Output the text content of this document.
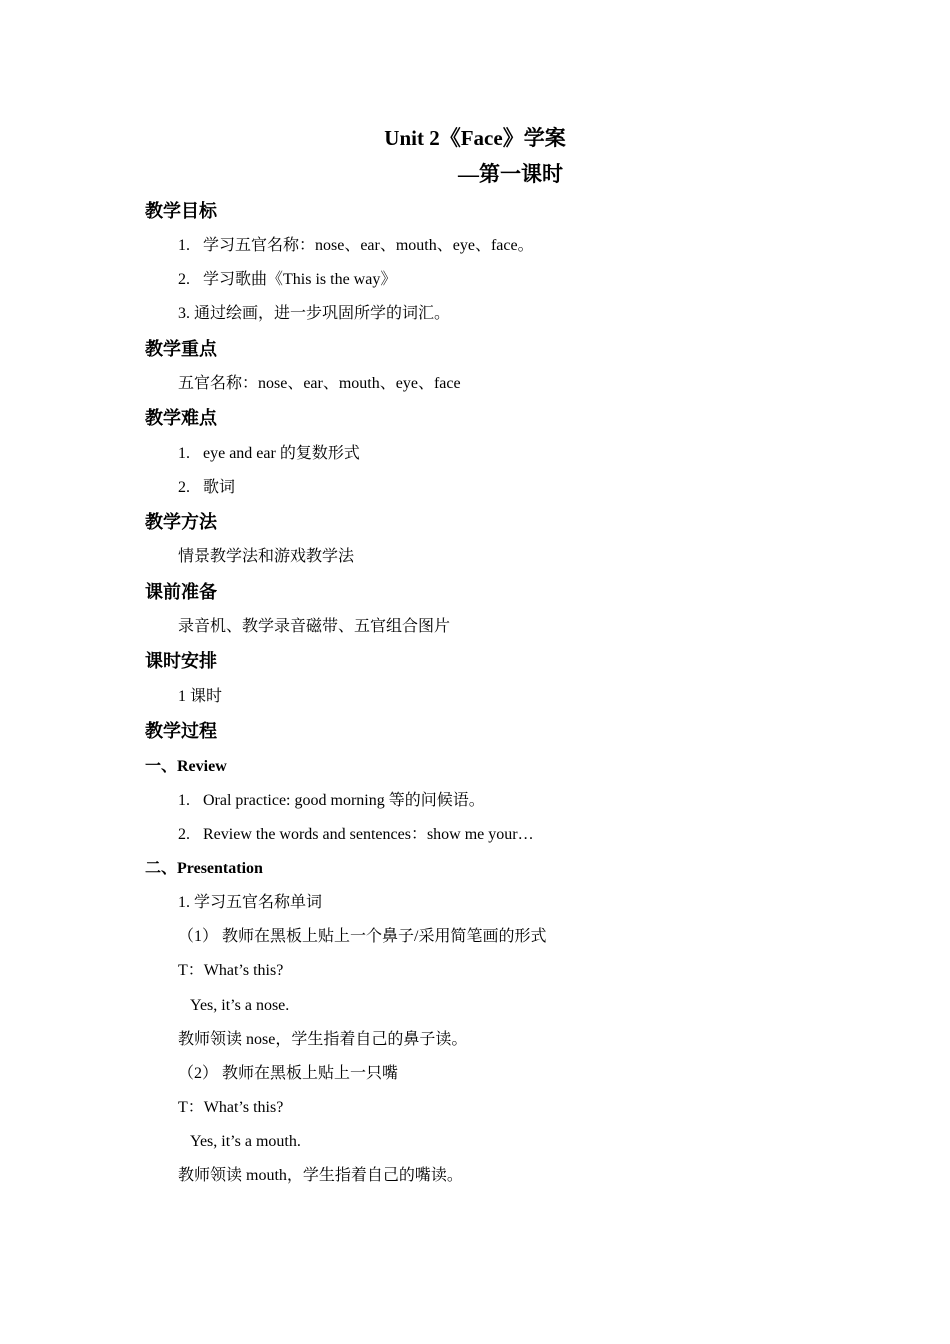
Unit 2《Face》学案
—第一课时
教学目标
1. 学习五官名称：nose、ear、mouth、eye、face。
2. 学习歌曲《This is the way》
3. 通过绘画，进一步巩固所学的词汇。
教学重点
五官名称：nose、ear、mouth、eye、face
教学难点
1. eye and ear 的复数形式
2. 歌词
教学方法
情景教学法和游戏教学法
课前准备
录音机、教学录音磁带、五官组合图片
课时安排
1 课时
教学过程
一、Review
1. Oral practice: good morning 等的问候语。
2. Review the words and sentences：show me your…
二、Presentation
1. 学习五官名称单词
（1） 教师在黑板上贴上一个鼻子/采用简笔画的形式
T：What’s this?
Yes, it’s a nose.
教师领读 nose，学生指着自己的鼻子读。
（2） 教师在黑板上贴上一只嘴
T：What’s this?
Yes, it’s a mouth.
教师领读 mouth，学生指着自己的嘴读。
